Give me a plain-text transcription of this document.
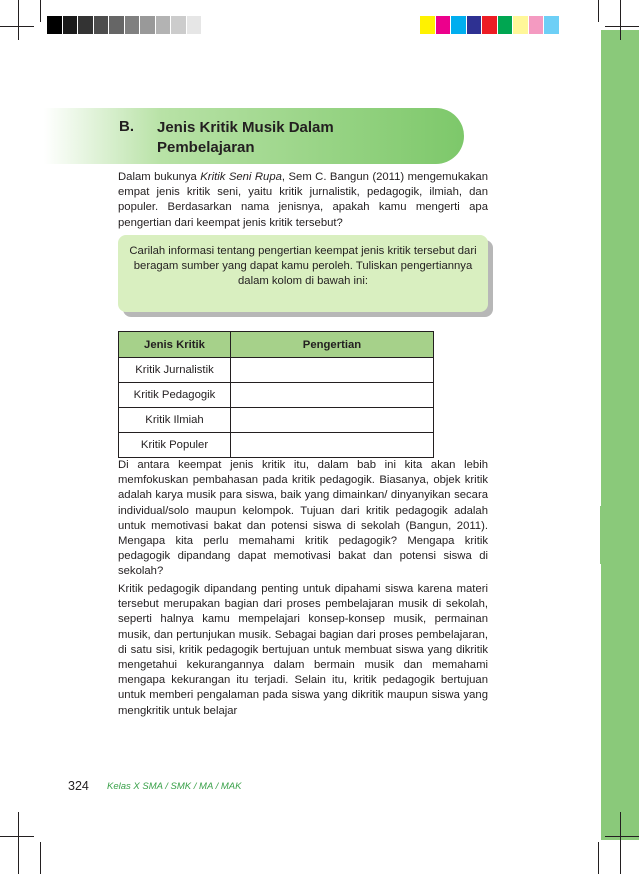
B. Jenis Kritik Musik Dalam
Pembelajaran
Dalam bukunya Kritik Seni Rupa, Sem C. Bangun (2011) mengemukakan empat jenis kritik seni, yaitu kritik jurnalistik, pedagogik, ilmiah, dan populer. Berdasarkan nama jenisnya, apakah kamu mengerti apa pengertian dari keempat jenis kritik tersebut?
Carilah informasi tentang pengertian keempat jenis kritik tersebut dari beragam sumber yang dapat kamu peroleh. Tuliskan pengertiannya dalam kolom di bawah ini:
Jenis Kritik	Pengertian
Kritik Jurnalistik	
Kritik Pedagogik	
Kritik Ilmiah	
Kritik Populer	
Di antara keempat jenis kritik itu, dalam bab ini kita akan lebih memfokuskan pembahasan pada kritik pedagogik. Biasanya, objek kritik adalah karya musik para siswa, baik yang dimainkan/ dinyanyikan secara individual/solo maupun kelompok. Tujuan dari kritik pedagogik adalah untuk memotivasi bakat dan potensi siswa di sekolah (Bangun, 2011). Mengapa kita perlu memahami kritik pedagogik? Mengapa kritik pedagogik dipandang dapat memotivasi bakat dan potensi siswa di sekolah?
Kritik pedagogik dipandang penting untuk dipahami siswa karena materi tersebut merupakan bagian dari proses pembelajaran musik di sekolah, seperti halnya kamu mempelajari konsep-konsep musik, permainan musik, dan pertunjukan musik. Sebagai bagian dari proses pembelajaran, di satu sisi, kritik pedagogik bertujuan untuk membuat siswa yang dikritik mengetahui kekurangannya dalam bermain musik dan memahami mengapa kekurangan itu terjadi. Selain itu, kritik pedagogik bertujuan untuk memberi pengalaman pada siswa yang dikritik maupun siswa yang mengkritik untuk belajar
324 Kelas X SMA / SMK / MA / MAK
